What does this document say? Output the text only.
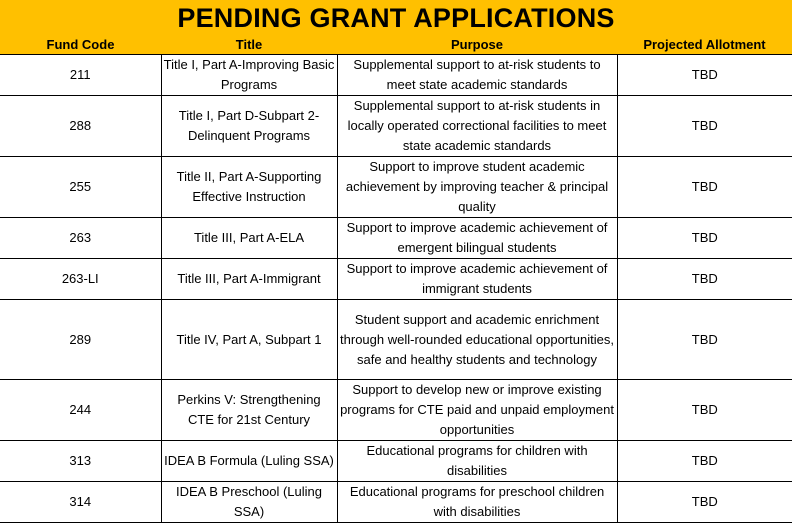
PENDING GRANT APPLICATIONS
Fund Code	Title	Purpose	Projected Allotment
211	Title I, Part A-Improving Basic Programs	Supplemental support to at-risk students to meet state academic standards	TBD
288	Title I, Part D-Subpart 2-Delinquent Programs	Supplemental support to at-risk students in locally operated correctional facilities to meet state academic standards	TBD
255	Title II, Part A-Supporting Effective Instruction	Support to improve student academic achievement by improving teacher & principal quality	TBD
263	Title III, Part A-ELA	Support to improve academic achievement of emergent bilingual students	TBD
263-LI	Title III, Part A-Immigrant	Support to improve academic achievement of immigrant students	TBD
289	Title IV, Part A, Subpart 1	Student support and academic enrichment through well-rounded educational opportunities, safe and healthy students and technology	TBD
244	Perkins V: Strengthening CTE for 21st Century	Support to develop new or improve existing programs for CTE paid and unpaid employment opportunities	TBD
313	IDEA B Formula (Luling SSA)	Educational programs for children with disabilities	TBD
314	IDEA B Preschool (Luling SSA)	Educational programs for preschool children with disabilities	TBD
